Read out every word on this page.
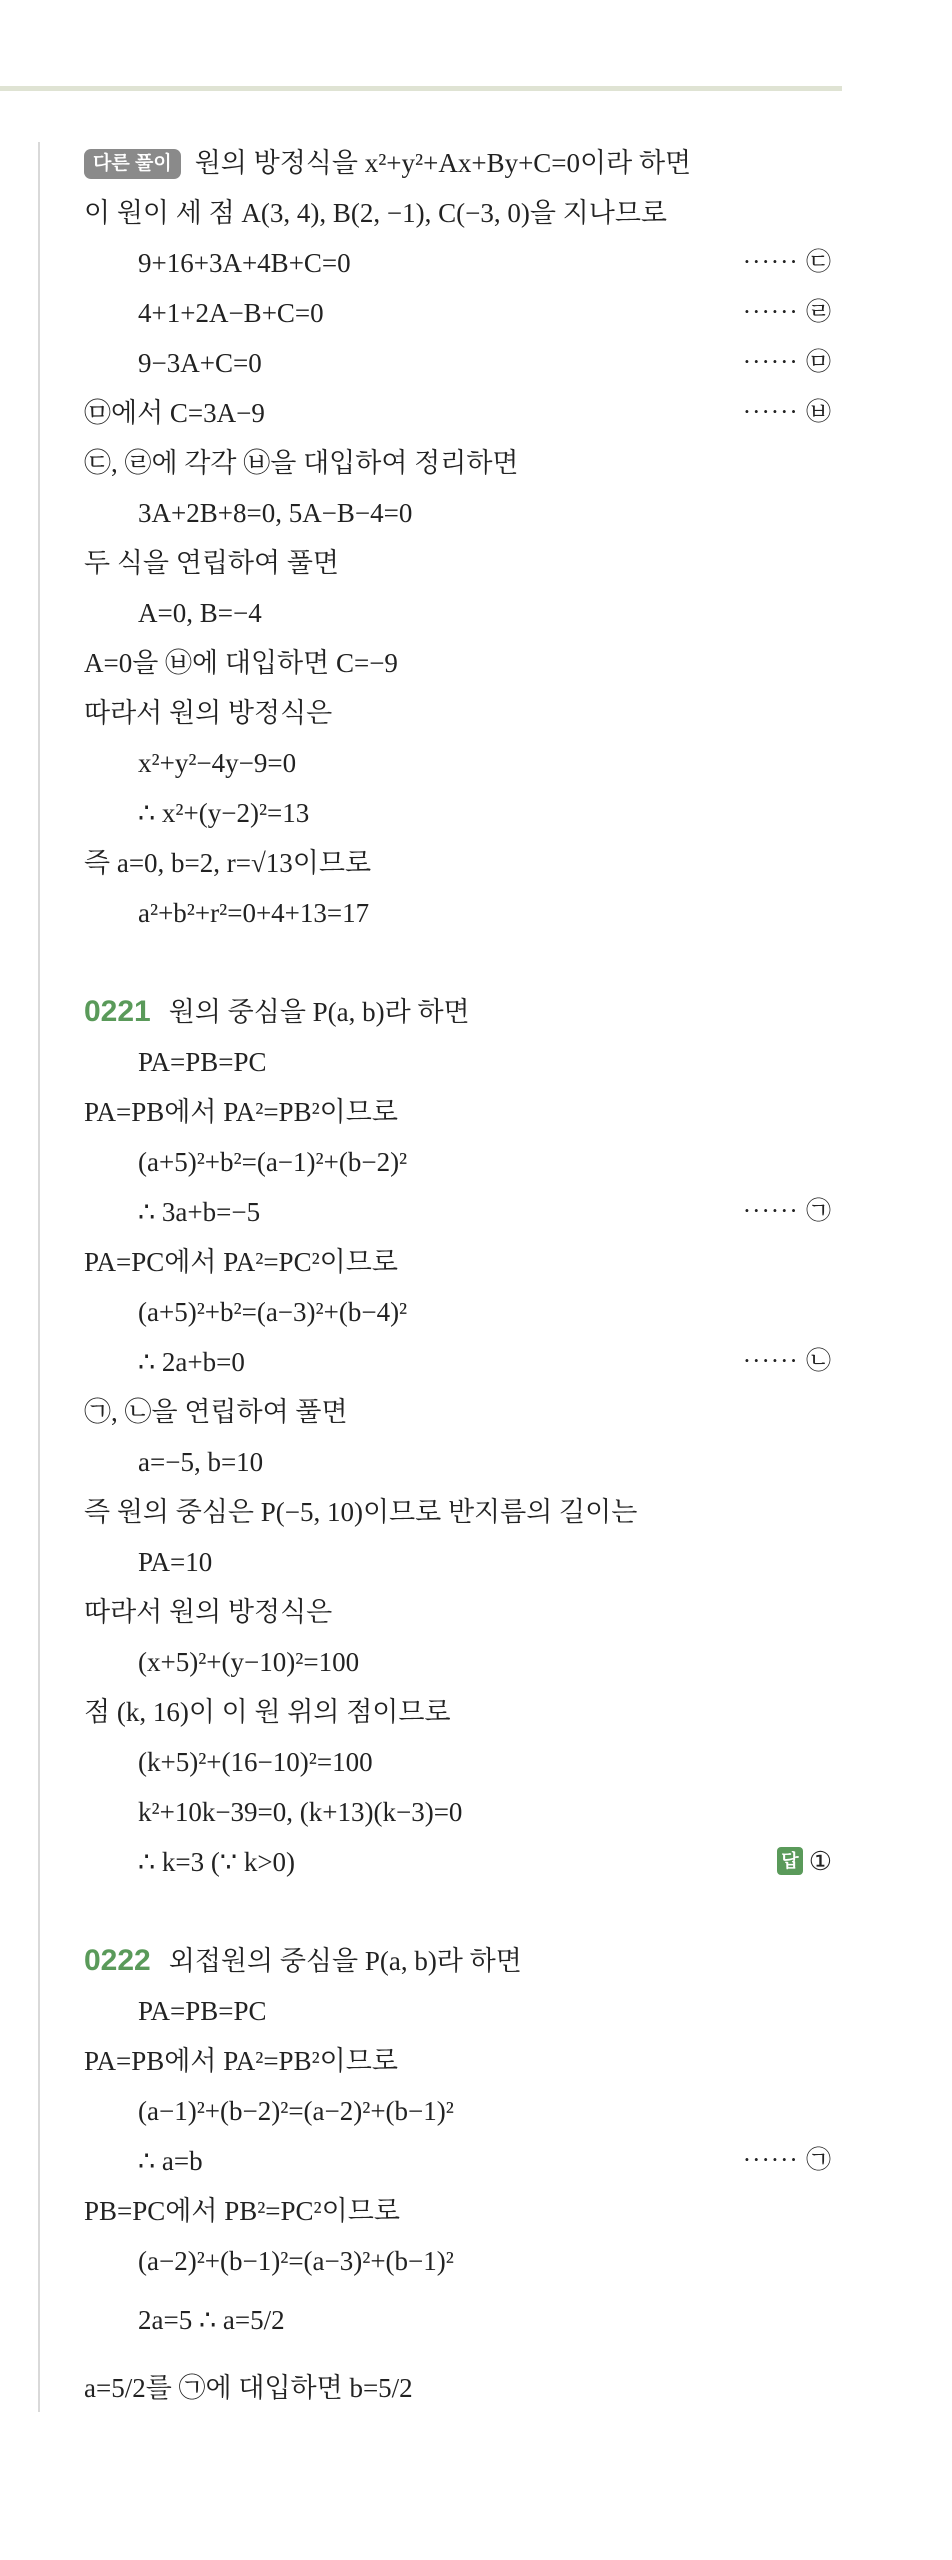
다른 풀이 원의 방정식을 x²+y²+Ax+By+C=0이라 하면
이 원이 세 점 A(3, 4), B(2, −1), C(−3, 0)을 지나므로
9+16+3A+4B+C=0	······ ㉢
4+1+2A−B+C=0	······ ㉣
9−3A+C=0	······ ㉤
㉤에서 C=3A−9	······ ㉥
㉢, ㉣에 각각 ㉥을 대입하여 정리하면
3A+2B+8=0, 5A−B−4=0
두 식을 연립하여 풀면
A=0, B=−4
A=0을 ㉥에 대입하면 C=−9
따라서 원의 방정식은
x²+y²−4y−9=0
∴ x²+(y−2)²=13
즉 a=0, b=2, r=√13이므로
a²+b²+r²=0+4+13=17
0221 원의 중심을 P(a, b)라 하면
PA=PB=PC
PA=PB에서 PA²=PB²이므로
(a+5)²+b²=(a−1)²+(b−2)²
∴ 3a+b=−5	······ ㉠
PA=PC에서 PA²=PC²이므로
(a+5)²+b²=(a−3)²+(b−4)²
∴ 2a+b=0	······ ㉡
㉠, ㉡을 연립하여 풀면
a=−5, b=10
즉 원의 중심은 P(−5, 10)이므로 반지름의 길이는
PA=10
따라서 원의 방정식은
(x+5)²+(y−10)²=100
점 (k, 16)이 이 원 위의 점이므로
(k+5)²+(16−10)²=100
k²+10k−39=0, (k+13)(k−3)=0
∴ k=3 (∵ k>0)	답 ①
0222 외접원의 중심을 P(a, b)라 하면
PA=PB=PC
PA=PB에서 PA²=PB²이므로
(a−1)²+(b−2)²=(a−2)²+(b−1)²
∴ a=b	······ ㉠
PB=PC에서 PB²=PC²이므로
(a−2)²+(b−1)²=(a−3)²+(b−1)²
2a=5 ∴ a=5/2
a=5/2를 ㉠에 대입하면 b=5/2
